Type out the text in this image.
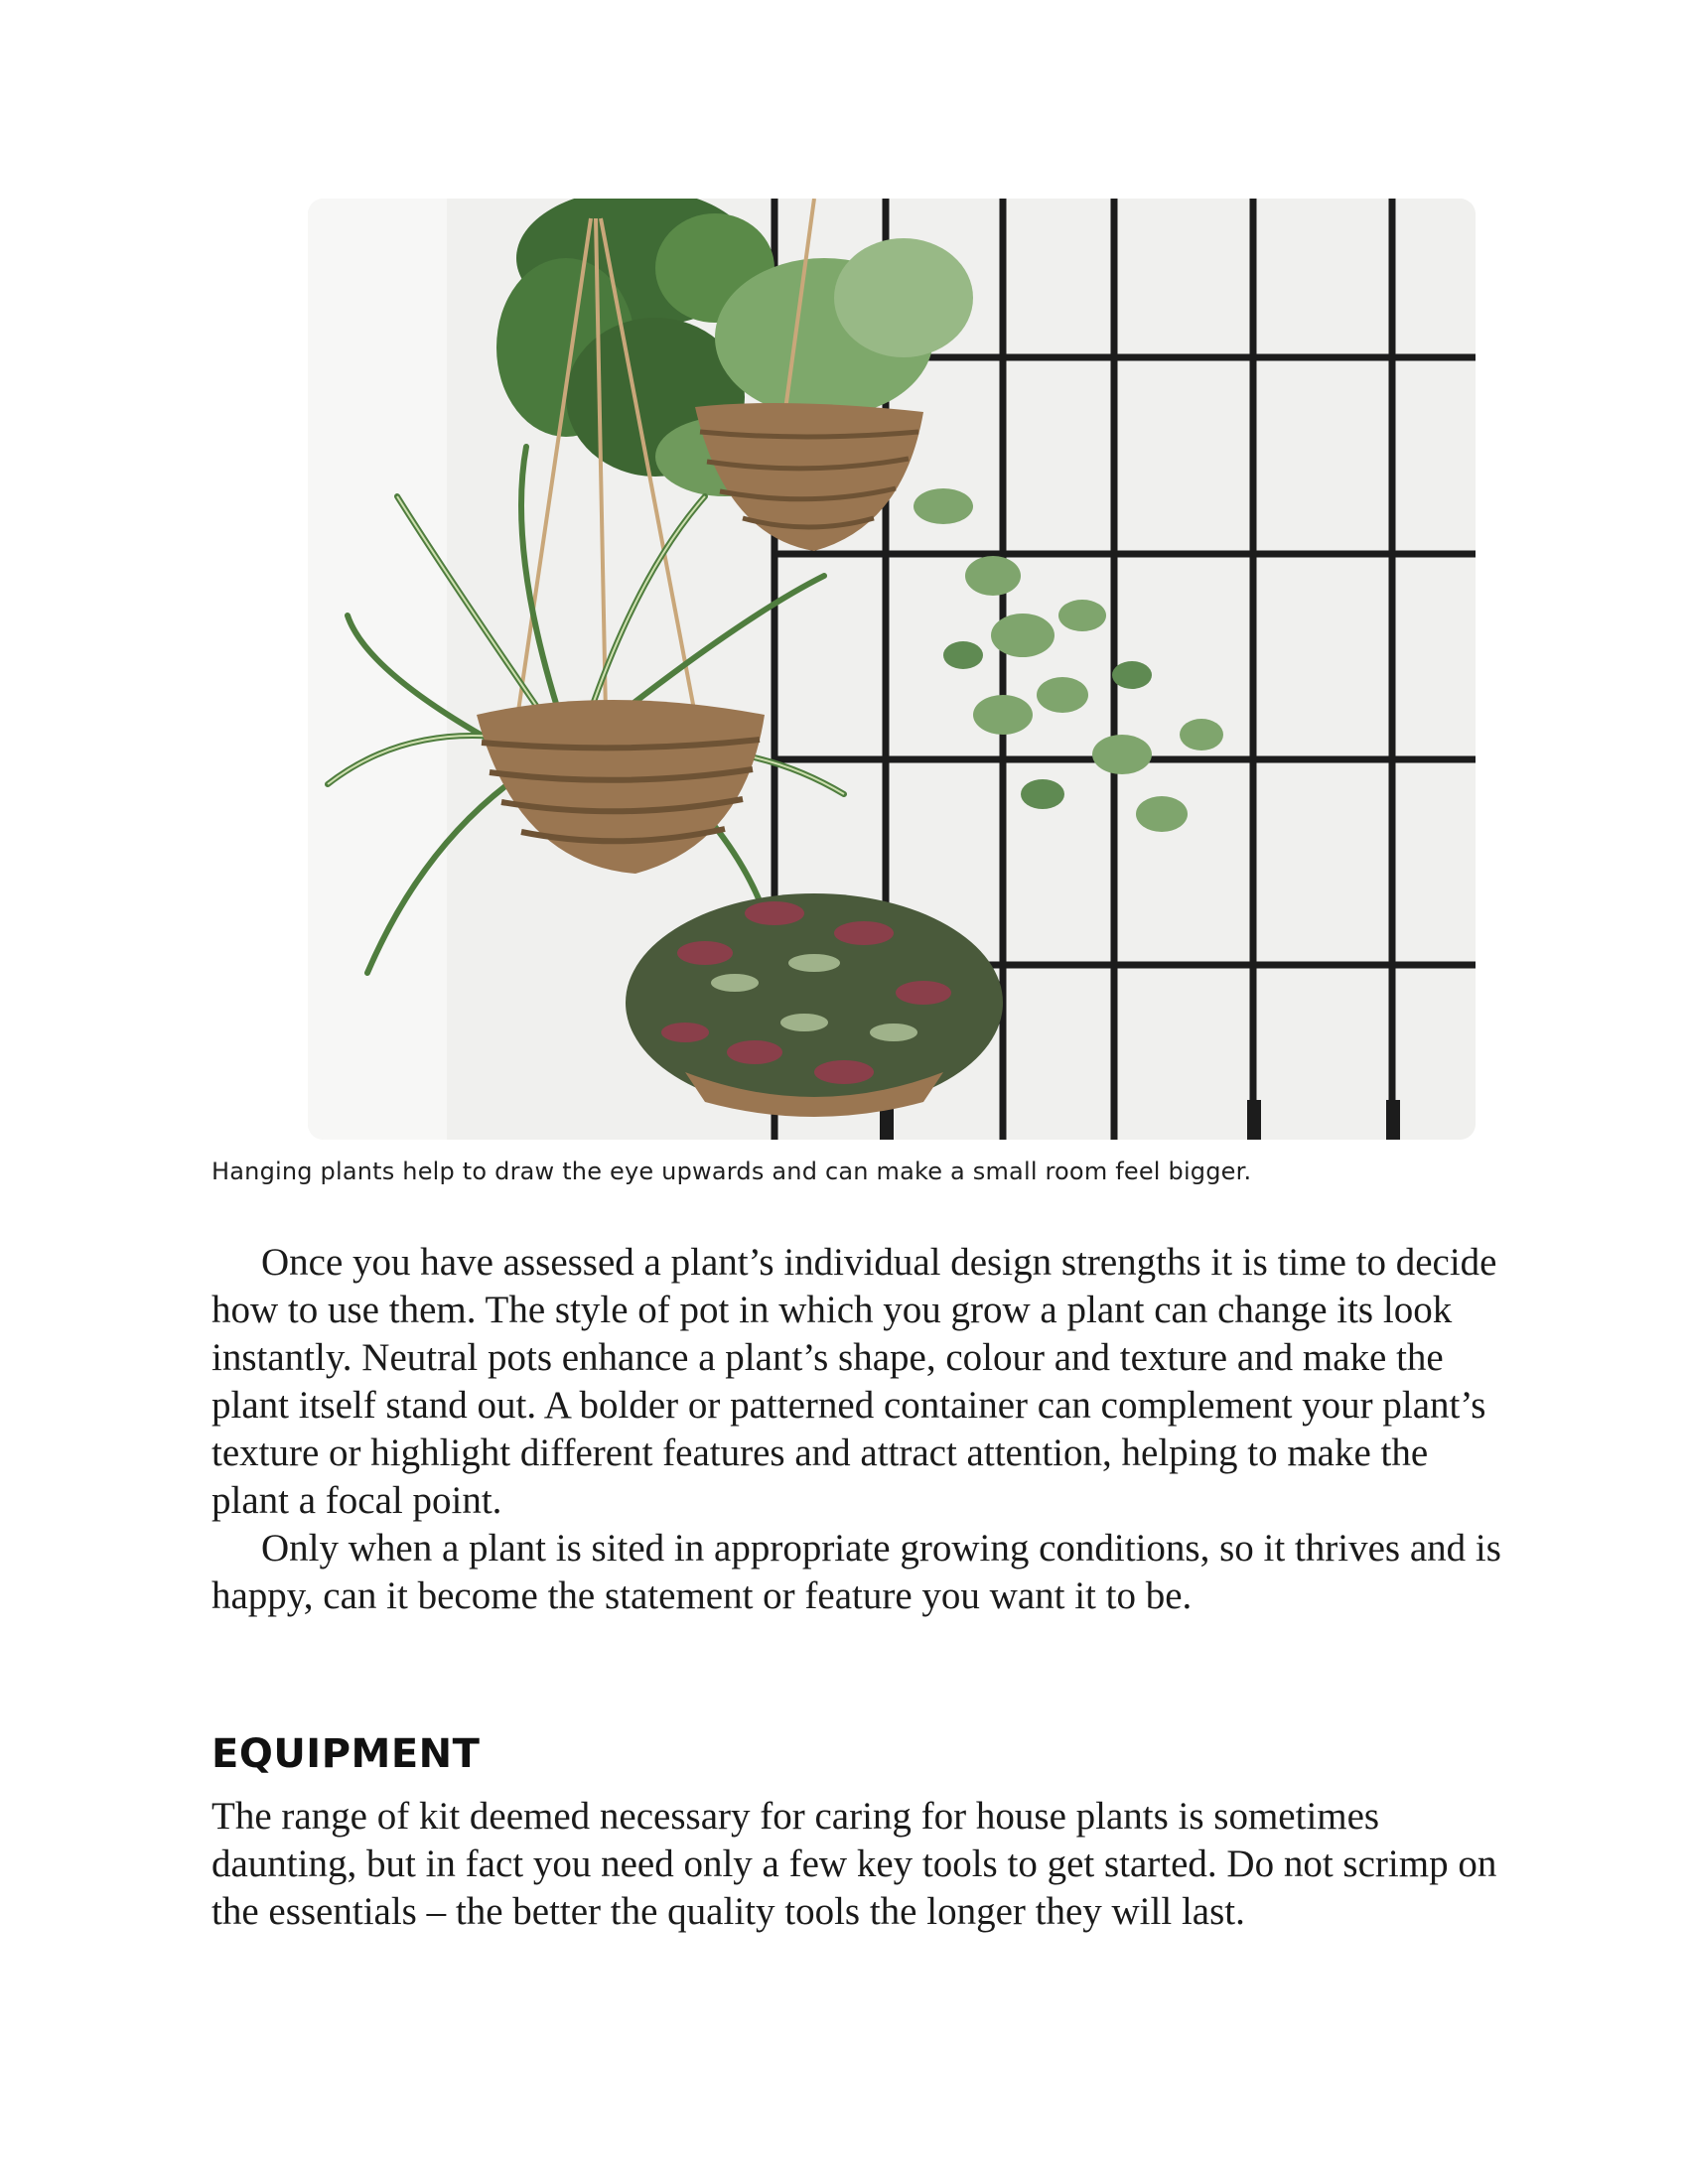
Hanging plants help to draw the eye upwards and can make a small room feel bigger.

Once you have assessed a plant’s individual design strengths it is time to decide how to use them. The style of pot in which you grow a plant can change its look instantly. Neutral pots enhance a plant’s shape, colour and texture and make the plant itself stand out. A bolder or patterned container can complement your plant’s texture or highlight different features and attract attention, helping to make the plant a focal point.

Only when a plant is sited in appropriate growing conditions, so it thrives and is happy, can it become the statement or feature you want it to be.

EQUIPMENT

The range of kit deemed necessary for caring for house plants is sometimes daunting, but in fact you need only a few key tools to get started. Do not scrimp on the essentials – the better the quality tools the longer they will last.
